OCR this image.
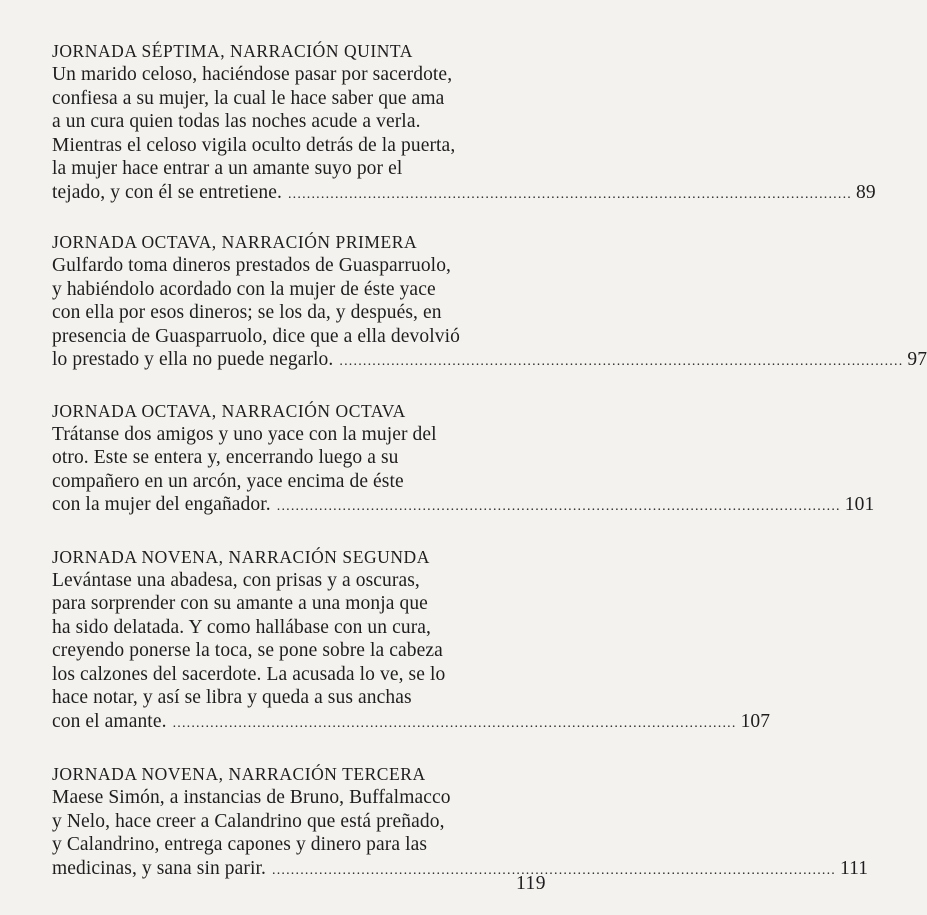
JORNADA SÉPTIMA, NARRACIÓN QUINTA
Un marido celoso, haciéndose pasar por sacerdote,
confiesa a su mujer, la cual le hace saber que ama
a un cura quien todas las noches acude a verla.
Mientras el celoso vigila oculto detrás de la puerta,
la mujer hace entrar a un amante suyo por el
tejado, y con él se entretiene. ........................................................................................................................ 89
JORNADA OCTAVA, NARRACIÓN PRIMERA
Gulfardo toma dineros prestados de Guasparruolo,
y habiéndolo acordado con la mujer de éste yace
con ella por esos dineros; se los da, y después, en
presencia de Guasparruolo, dice que a ella devolvió
lo prestado y ella no puede negarlo. ........................................................................................................................ 97
JORNADA OCTAVA, NARRACIÓN OCTAVA
Trátanse dos amigos y uno yace con la mujer del
otro. Este se entera y, encerrando luego a su
compañero en un arcón, yace encima de éste
con la mujer del engañador. ........................................................................................................................ 101
JORNADA NOVENA, NARRACIÓN SEGUNDA
Levántase una abadesa, con prisas y a oscuras,
para sorprender con su amante a una monja que
ha sido delatada. Y como hallábase con un cura,
creyendo ponerse la toca, se pone sobre la cabeza
los calzones del sacerdote. La acusada lo ve, se lo
hace notar, y así se libra y queda a sus anchas
con el amante. ........................................................................................................................ 107
JORNADA NOVENA, NARRACIÓN TERCERA
Maese Simón, a instancias de Bruno, Buffalmacco
y Nelo, hace creer a Calandrino que está preñado,
y Calandrino, entrega capones y dinero para las
medicinas, y sana sin parir. ........................................................................................................................ 111
119
